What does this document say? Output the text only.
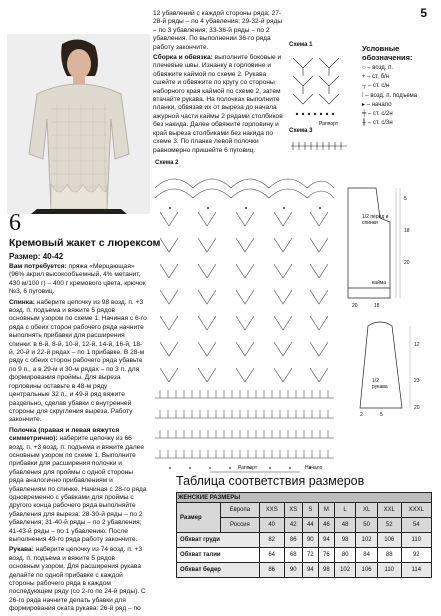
5
6
Кремовый жакет с люрексом
Размер: 40-42

Вам потребуется: пряжа «Мерцающая» (96% акрил высокообъемный, 4% метанит, 430 м/100 г) – 400 г кремового цвета, крючок №3, 6 пуговиц.

Спинка: наберите цепочку из 98 возд. п. +3 возд. п. подъема и вяжите 5 рядов основным узором по схеме 1. Начиная с 6-го ряда с обеих сторон рабочего ряда начните выполнять прибавки для расширения спинки: в 6-й, 8-й, 10-й, 12-й, 14-й, 16-й, 18-й, 20-й и 22-й рядах – по 1 прибавке. В 28-м ряду с обеих сторон рабочего ряда убавьте по 9 п., а в 29-м и 30-м рядах – по 3 п. для формирования проймы. Для выреза горловины оставьте в 48-м ряду центральные 32 п., и 49-й ряд вяжите раздельно, сделав убавки с внутренней стороны для скругления выреза. Работу закончите.

Полочка (правая и левая вяжутся симметрично): наберите цепочку из 66 возд. п. +3 возд. п. подъема и вяжите далее основным узором по схеме 1. Выполните прибавки для расширения полочки и убавления для проймы с одной стороны ряда аналогично прибавлениям и убавлениям по спинке. Начиная с 28-го ряда одновременно с убавками для проймы с другого конца рабочего ряда выполняйте убавления для выреза: 28-30-й ряды – по 2 убавления; 31-40-й ряды – по 2 убавления; 41-43-й ряды – по 1 убавлению. После выполнения 49-го ряда работу закончите.

Рукава: наберите цепочку из 74 возд. п. +3 возд. п. подъема и вяжите 5 рядов основным узором. Для расширения рукава делайте по одной прибавке с каждой стороны рабочего ряда в каждом последующем ряду (со 2-го по 24-й ряды). С 26-го ряда начните делать убавки для формирования оката рукава: 26-й ряд – по

12 убавлений с каждой стороны ряда; 27-28-й ряды – по 4 убавления; 29-32-й ряды – по 3 убавления; 33-36-й ряды – по 2 убавления. По выполнении 36-го ряда работу закончите.

Сборка и обвязка: выполните боковые и плечевые швы. Изнанку в горловине и обвяжите каймой по схеме 2. Рукава сшейте и обвяжите по кругу со стороны наборного края каймой по схеме 2, затем втачайте рукава. На полочках выполните планки, обвязав их от выреза до начала ажурной части каймы 2 рядами столбиков без накида. Далее обвяжите горловину и край выреза столбиками без накида по схеме 3. По планке левой полочки равномерно пришейте 6 пуговиц.

Схема 1
Раппорт
Схема 3
Условные обозначения:
○ – возд. п.
+ – ст. б/н
┬ – ст. с/н
⁞ – возд. п. подъема
▸ – начало
╪ – ст. с/2н
╫ – ст. с/3н
Схема 2
Раппорт	Начало
1/2 перед и спинки
кайма
1/2 рукава
5
18
20
18
20
12
23
20
5
2
Таблица соответствия размеров
ЖЕНСКИЕ РАЗМЕРЫ									
Размер	Европа	XXS	XS	S	M	L	XL	XXL	XXXL
	Россия	40	42	44	46	48	50	52	54
Обхват груди		82	86	90	94	98	102	106	110
Обхват талии		64	68	72	76	80	84	88	92
Обхват бедер		86	90	94	98	102	106	110	114
